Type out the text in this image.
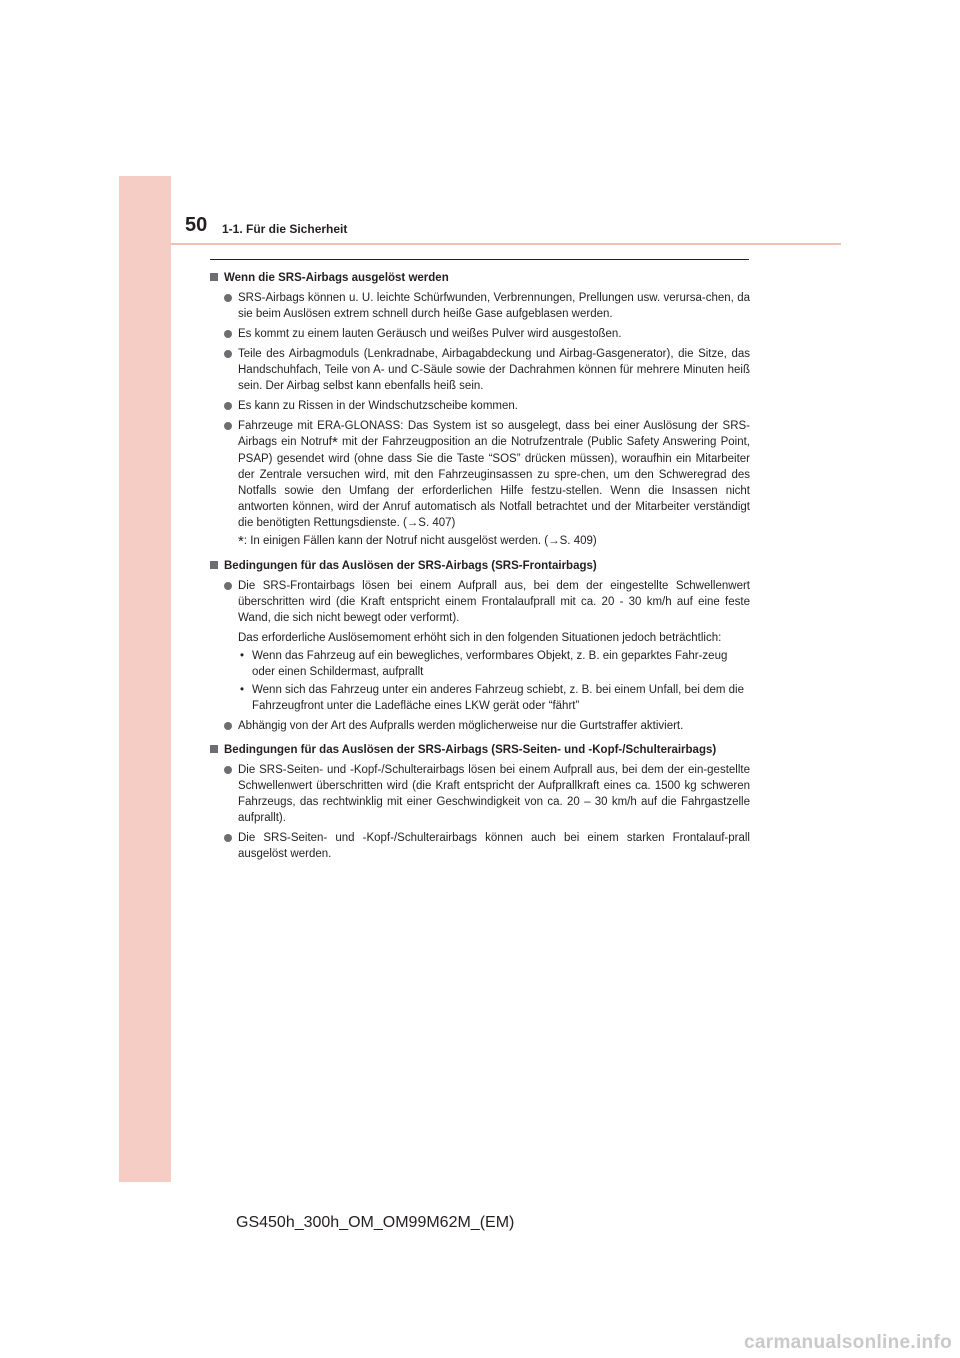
50 1-1. Für die Sicherheit
Wenn die SRS-Airbags ausgelöst werden
SRS-Airbags können u. U. leichte Schürfwunden, Verbrennungen, Prellungen usw. verursa-chen, da sie beim Auslösen extrem schnell durch heiße Gase aufgeblasen werden.
Es kommt zu einem lauten Geräusch und weißes Pulver wird ausgestoßen.
Teile des Airbagmoduls (Lenkradnabe, Airbagabdeckung und Airbag-Gasgenerator), die Sitze, das Handschuhfach, Teile von A- und C-Säule sowie der Dachrahmen können für mehrere Minuten heiß sein. Der Airbag selbst kann ebenfalls heiß sein.
Es kann zu Rissen in der Windschutzscheibe kommen.
Fahrzeuge mit ERA-GLONASS: Das System ist so ausgelegt, dass bei einer Auslösung der SRS-Airbags ein Notruf* mit der Fahrzeugposition an die Notrufzentrale (Public Safety Answering Point, PSAP) gesendet wird (ohne dass Sie die Taste “SOS” drücken müssen), woraufhin ein Mitarbeiter der Zentrale versuchen wird, mit den Fahrzeuginsassen zu spre-chen, um den Schweregrad des Notfalls sowie den Umfang der erforderlichen Hilfe festzu-stellen. Wenn die Insassen nicht antworten können, wird der Anruf automatisch als Notfall betrachtet und der Mitarbeiter verständigt die benötigten Rettungsdienste. (→S. 407)
*: In einigen Fällen kann der Notruf nicht ausgelöst werden. (→S. 409)
Bedingungen für das Auslösen der SRS-Airbags (SRS-Frontairbags)
Die SRS-Frontairbags lösen bei einem Aufprall aus, bei dem der eingestellte Schwellenwert überschritten wird (die Kraft entspricht einem Frontalaufprall mit ca. 20 - 30 km/h auf eine feste Wand, die sich nicht bewegt oder verformt).
Das erforderliche Auslösemoment erhöht sich in den folgenden Situationen jedoch beträchtlich:
• Wenn das Fahrzeug auf ein bewegliches, verformbares Objekt, z. B. ein geparktes Fahr-zeug oder einen Schildermast, aufprallt
• Wenn sich das Fahrzeug unter ein anderes Fahrzeug schiebt, z. B. bei einem Unfall, bei dem die Fahrzeugfront unter die Ladefläche eines LKW gerät oder “fährt”
Abhängig von der Art des Aufpralls werden möglicherweise nur die Gurtstraffer aktiviert.
Bedingungen für das Auslösen der SRS-Airbags (SRS-Seiten- und -Kopf-/Schulterairbags)
Die SRS-Seiten- und -Kopf-/Schulterairbags lösen bei einem Aufprall aus, bei dem der ein-gestellte Schwellenwert überschritten wird (die Kraft entspricht der Aufprallkraft eines ca. 1500 kg schweren Fahrzeugs, das rechtwinklig mit einer Geschwindigkeit von ca. 20 – 30 km/h auf die Fahrgastzelle aufprallt).
Die SRS-Seiten- und -Kopf-/Schulterairbags können auch bei einem starken Frontalauf-prall ausgelöst werden.
GS450h_300h_OM_OM99M62M_(EM)
carmanualsonline.info
